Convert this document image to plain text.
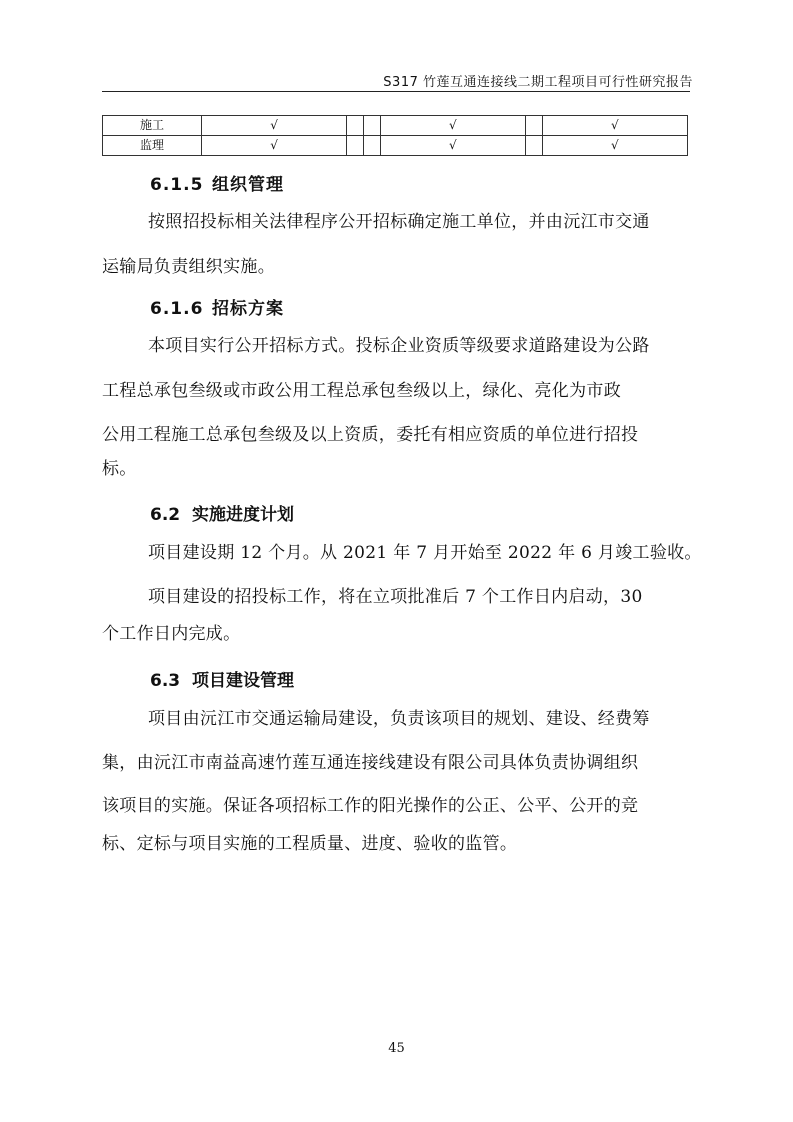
S317 竹莲互通连接线二期工程项目可行性研究报告
施工	√			√		√
监理	√			√		√
6.1.5 组织管理
按照招投标相关法律程序公开招标确定施工单位，并由沅江市交通
运输局负责组织实施。
6.1.6 招标方案
本项目实行公开招标方式。投标企业资质等级要求道路建设为公路
工程总承包叁级或市政公用工程总承包叁级以上，绿化、亮化为市政
公用工程施工总承包叁级及以上资质，委托有相应资质的单位进行招投
标。
6.2 实施进度计划
项目建设期 12 个月。从 2021 年 7 月开始至 2022 年 6 月竣工验收。
项目建设的招投标工作，将在立项批准后 7 个工作日内启动，30
个工作日内完成。
6.3 项目建设管理
项目由沅江市交通运输局建设，负责该项目的规划、建设、经费筹
集，由沅江市南益高速竹莲互通连接线建设有限公司具体负责协调组织
该项目的实施。保证各项招标工作的阳光操作的公正、公平、公开的竞
标、定标与项目实施的工程质量、进度、验收的监管。
45
